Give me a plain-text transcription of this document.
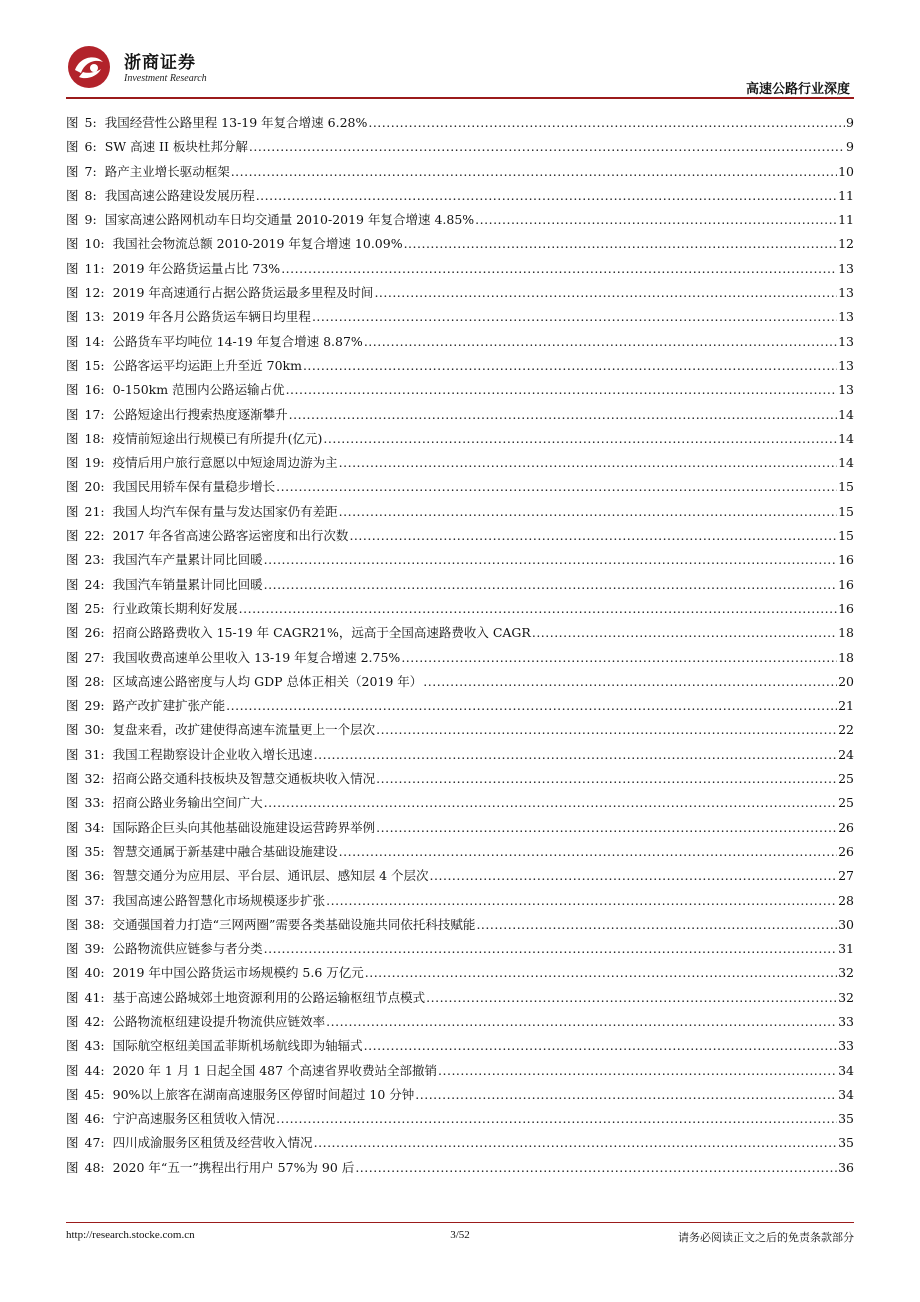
浙商证券
Investment Research
高速公路行业深度
图 5 : 我国经营性公路里程 13-19 年复合增速 6.28% .....	9
图 6 : SW 高速 II 板块杜邦分解 .....	9
图 7 : 路产主业增长驱动框架 .....	10
图 8 : 我国高速公路建设发展历程 .....	11
图 9 : 国家高速公路网机动车日均交通量 2010-2019 年复合增速 4.85% .....	11
图 10 : 我国社会物流总额 2010-2019 年复合增速 10.09% .....	12
图 11 : 2019 年公路货运量占比 73% .....	13
图 12 : 2019 年高速通行占据公路货运最多里程及时间 .....	13
图 13 : 2019 年各月公路货运车辆日均里程 .....	13
图 14 : 公路货车平均吨位 14-19 年复合增速 8.87% .....	13
图 15 : 公路客运平均运距上升至近 70km .....	13
图 16 : 0-150km 范围内公路运输占优 .....	13
图 17 : 公路短途出行搜索热度逐渐攀升 .....	14
图 18 : 疫情前短途出行规模已有所提升(亿元) .....	14
图 19 : 疫情后用户旅行意愿以中短途周边游为主 .....	14
图 20 : 我国民用轿车保有量稳步增长 .....	15
图 21 : 我国人均汽车保有量与发达国家仍有差距 .....	15
图 22 : 2017 年各省高速公路客运密度和出行次数 .....	15
图 23 : 我国汽车产量累计同比回暖 .....	16
图 24 : 我国汽车销量累计同比回暖 .....	16
图 25 : 行业政策长期利好发展 .....	16
图 26 : 招商公路路费收入 15-19 年 CAGR21%，远高于全国高速路费收入 CAGR .....	18
图 27 : 我国收费高速单公里收入 13-19 年复合增速 2.75% .....	18
图 28 : 区域高速公路密度与人均 GDP 总体正相关（2019 年） .....	20
图 29 : 路产改扩建扩张产能 .....	21
图 30 : 复盘来看，改扩建使得高速车流量更上一个层次 .....	22
图 31 : 我国工程勘察设计企业收入增长迅速 .....	24
图 32 : 招商公路交通科技板块及智慧交通板块收入情况 .....	25
图 33 : 招商公路业务输出空间广大 .....	25
图 34 : 国际路企巨头向其他基础设施建设运营跨界举例 .....	26
图 35 : 智慧交通属于新基建中融合基础设施建设 .....	26
图 36 : 智慧交通分为应用层、平台层、通讯层、感知层 4 个层次 .....	27
图 37 : 我国高速公路智慧化市场规模逐步扩张 .....	28
图 38 : 交通强国着力打造“三网两圈”需要各类基础设施共同依托科技赋能 .....	30
图 39 : 公路物流供应链参与者分类 .....	31
图 40 : 2019 年中国公路货运市场规模约 5.6 万亿元 .....	32
图 41 : 基于高速公路城郊土地资源利用的公路运输枢纽节点模式 .....	32
图 42 : 公路物流枢纽建设提升物流供应链效率 .....	33
图 43 : 国际航空枢纽美国孟菲斯机场航线即为轴辐式 .....	33
图 44 : 2020 年 1 月 1 日起全国 487 个高速省界收费站全部撤销 .....	34
图 45 : 90%以上旅客在湖南高速服务区停留时间超过 10 分钟 .....	34
图 46 : 宁沪高速服务区租赁收入情况 .....	35
图 47 : 四川成渝服务区租赁及经营收入情况 .....	35
图 48 : 2020 年“五一”携程出行用户 57%为 90 后 .....	36
http://research.stocke.com.cn	3/52	请务必阅读正文之后的免责条款部分
